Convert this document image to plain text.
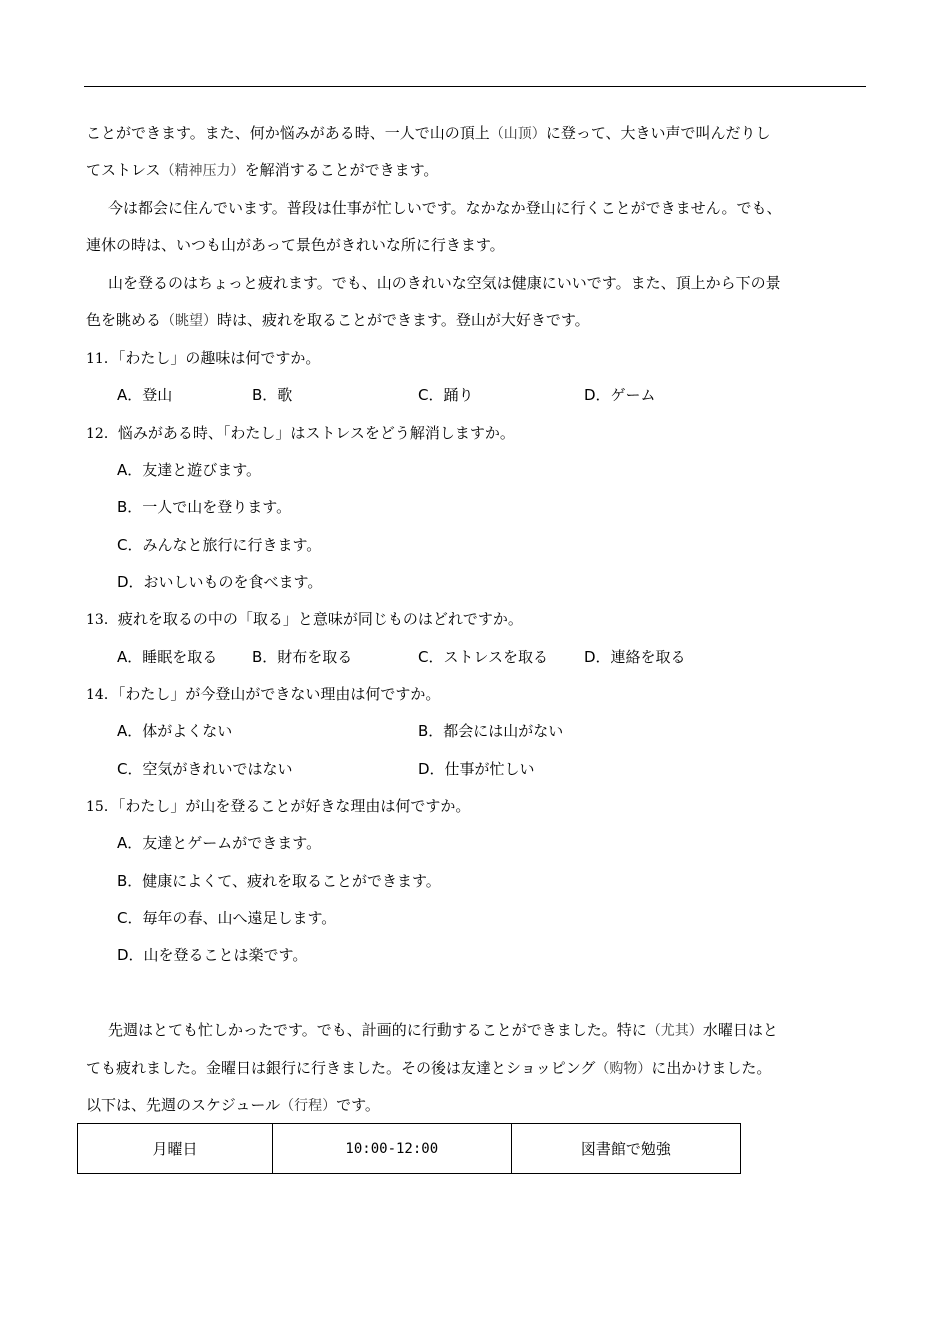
ことができます。また、何か悩みがある時、一人で山の頂上（山顶）に登って、大きい声で叫んだりし
てストレス（精神压力）を解消することができます。
今は都会に住んでいます。普段は仕事が忙しいです。なかなか登山に行くことができません。でも、
連休の時は、いつも山があって景色がきれいな所に行きます。
山を登るのはちょっと疲れます。でも、山のきれいな空気は健康にいいです。また、頂上から下の景
色を眺める（眺望）時は、疲れを取ることができます。登山が大好きです。
11．「わたし」の趣味は何ですか。
A．登山	B．歌	C．踊り	D．ゲーム
12．悩みがある時、「わたし」はストレスをどう解消しますか。
A．友達と遊びます。
B．一人で山を登ります。
C．みんなと旅行に行きます。
D．おいしいものを食べます。
13．疲れを取るの中の「取る」と意味が同じものはどれですか。
A．睡眠を取る B．財布を取る	C．ストレスを取る D．連絡を取る
14．「わたし」が今登山ができない理由は何ですか。
A．体がよくない	B．都会には山がない
C．空気がきれいではない	D．仕事が忙しい
15．「わたし」が山を登ることが好きな理由は何ですか。
A．友達とゲームができます。
B．健康によくて、疲れを取ることができます。
C．毎年の春、山へ遠足します。
D．山を登ることは楽です。
先週はとても忙しかったです。でも、計画的に行動することができました。特に（尤其）水曜日はと
ても疲れました。金曜日は銀行に行きました。その後は友達とショッピング（购物）に出かけました。
以下は、先週のスケジュール（行程）です。
月曜日	10:00-12:00	図書館で勉強
